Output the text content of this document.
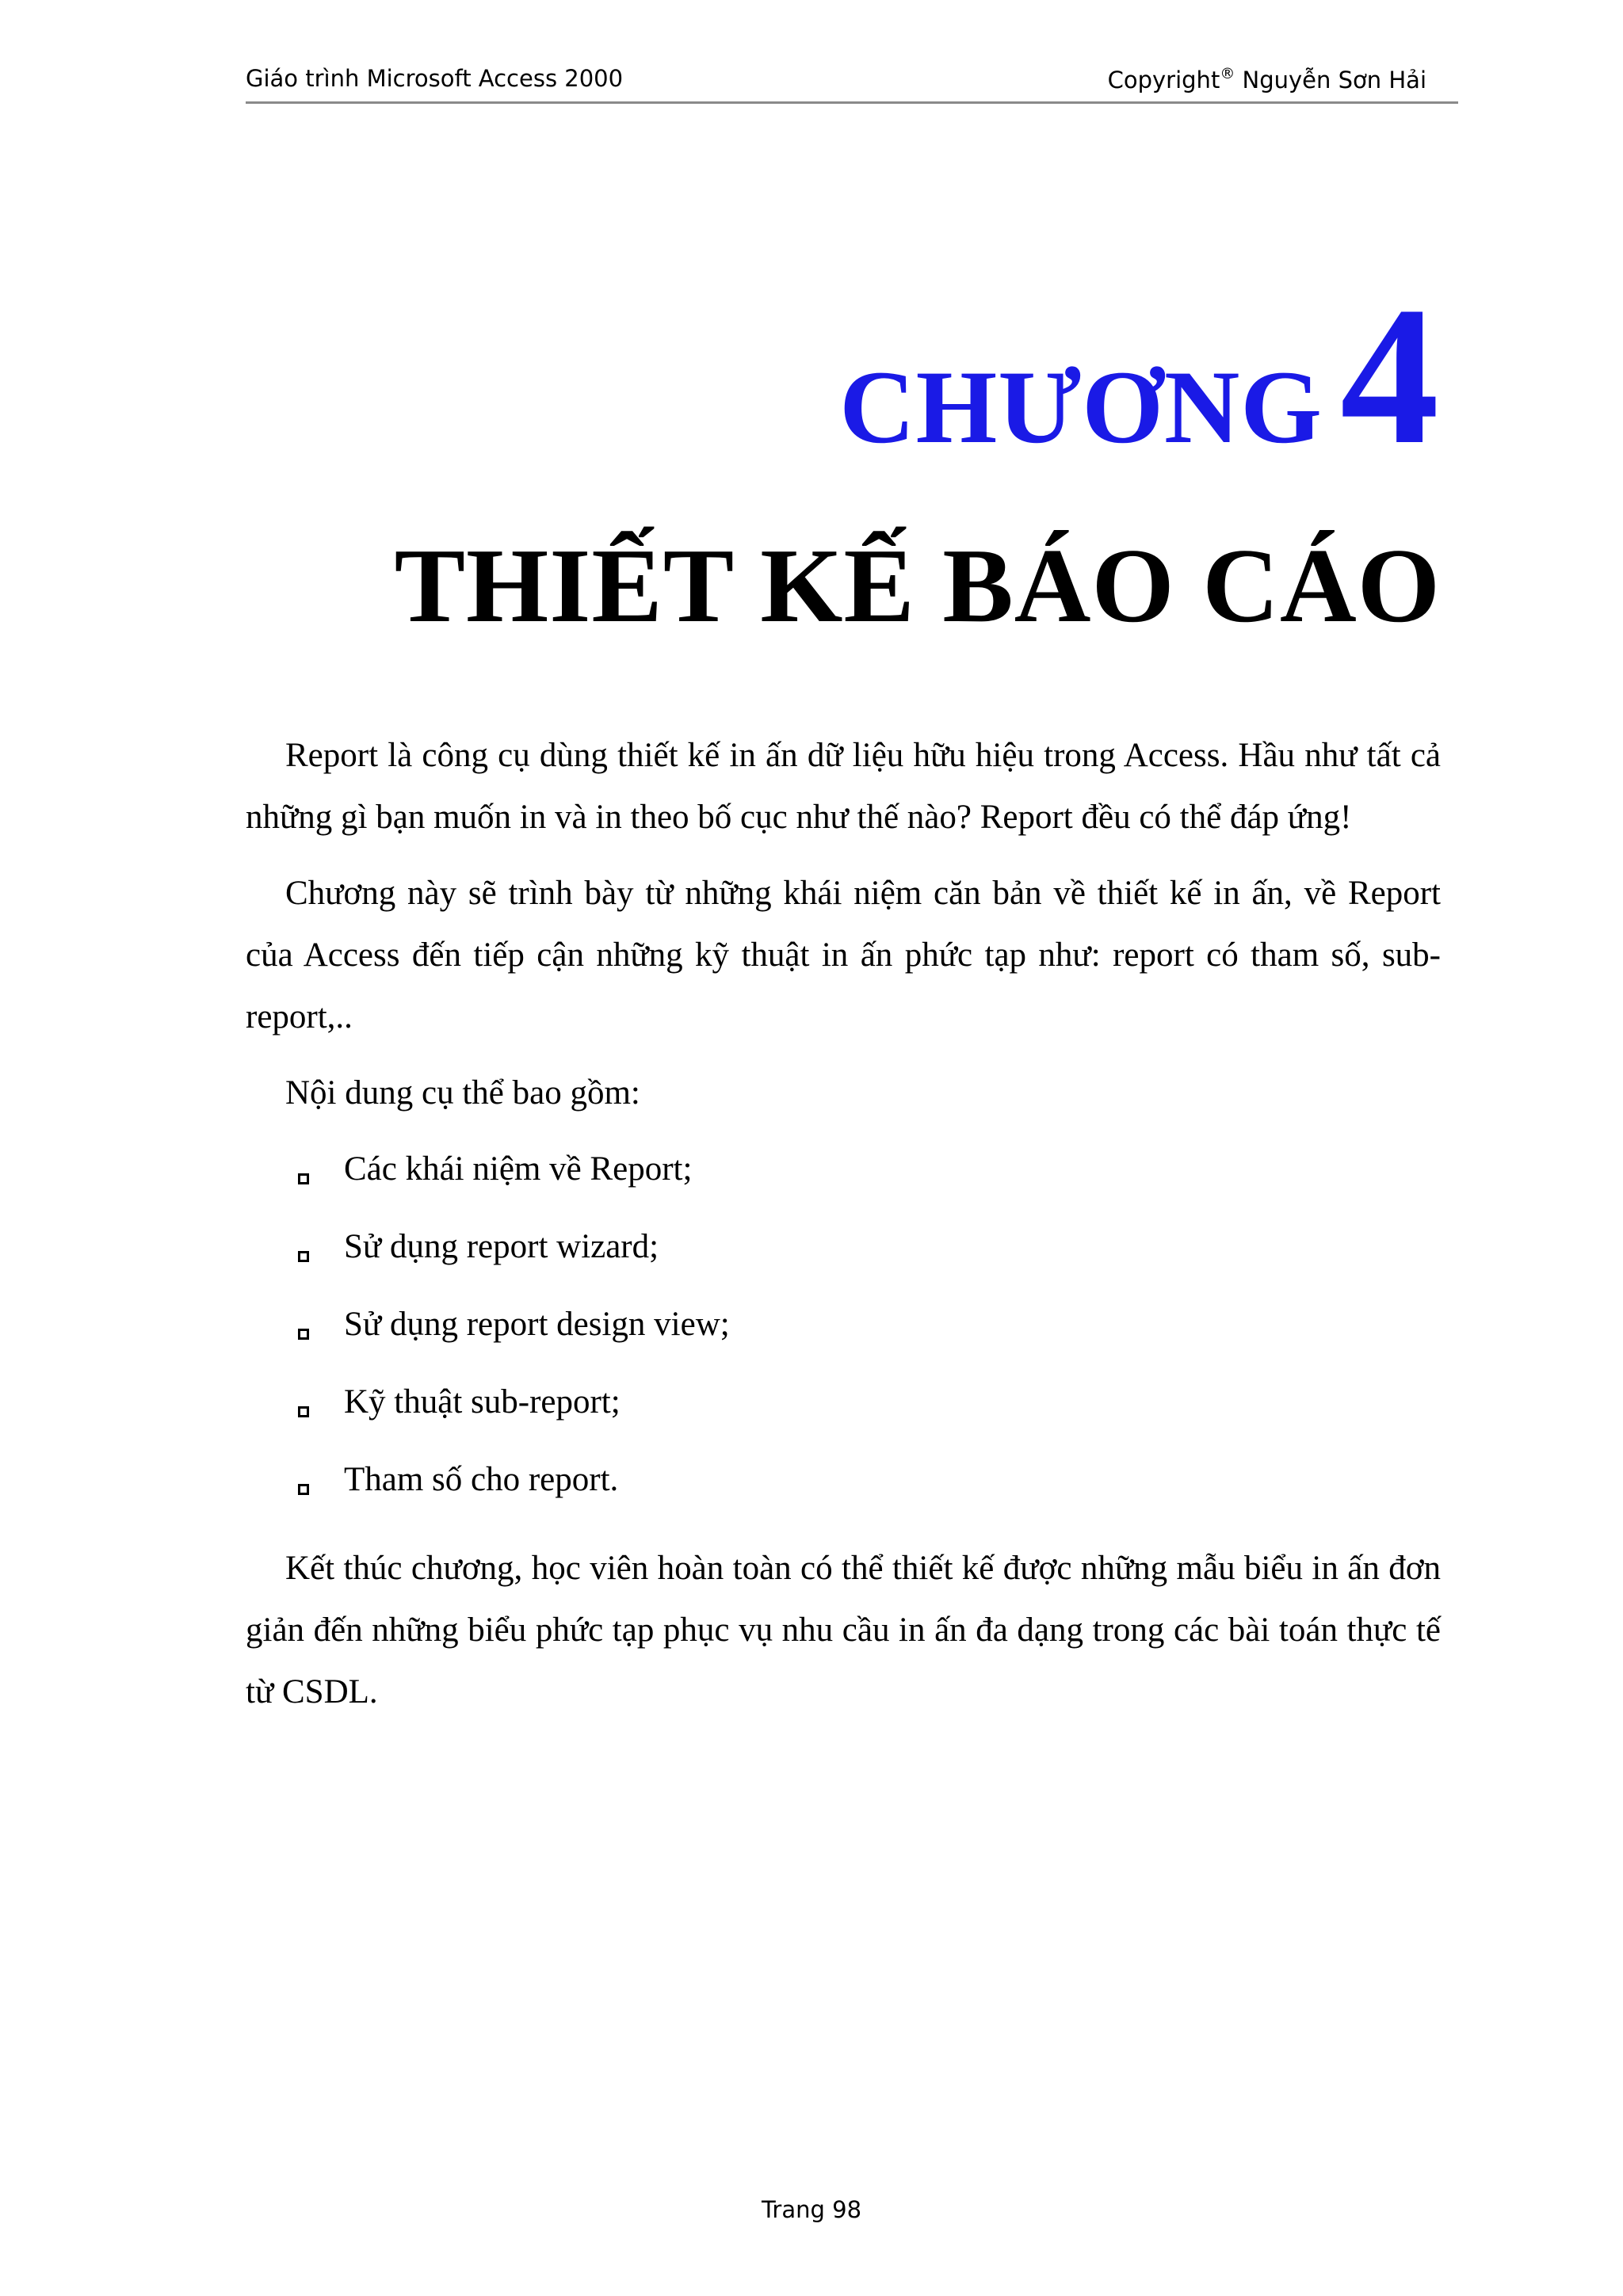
Giáo trình Microsoft Access 2000	Copyright® Nguyễn Sơn Hải
CHƯƠNG4
THIẾT KẾ BÁO CÁO

Report là công cụ dùng thiết kế in ấn dữ liệu hữu hiệu trong Access. Hầu như tất cả những gì bạn muốn in và in theo bố cục như thế nào? Report đều có thể đáp ứng!

Chương này sẽ trình bày từ những khái niệm căn bản về thiết kế in ấn, về Report của Access đến tiếp cận những kỹ thuật in ấn phức tạp như: report có tham số, sub-report,..

Nội dung cụ thể bao gồm:

Các khái niệm về Report;
Sử dụng report wizard;
Sử dụng report design view;
Kỹ thuật sub-report;
Tham số cho report.

Kết thúc chương, học viên hoàn toàn có thể thiết kế được những mẫu biểu in ấn đơn giản đến những biểu phức tạp phục vụ nhu cầu in ấn đa dạng trong các bài toán thực tế từ CSDL.

Trang 98
